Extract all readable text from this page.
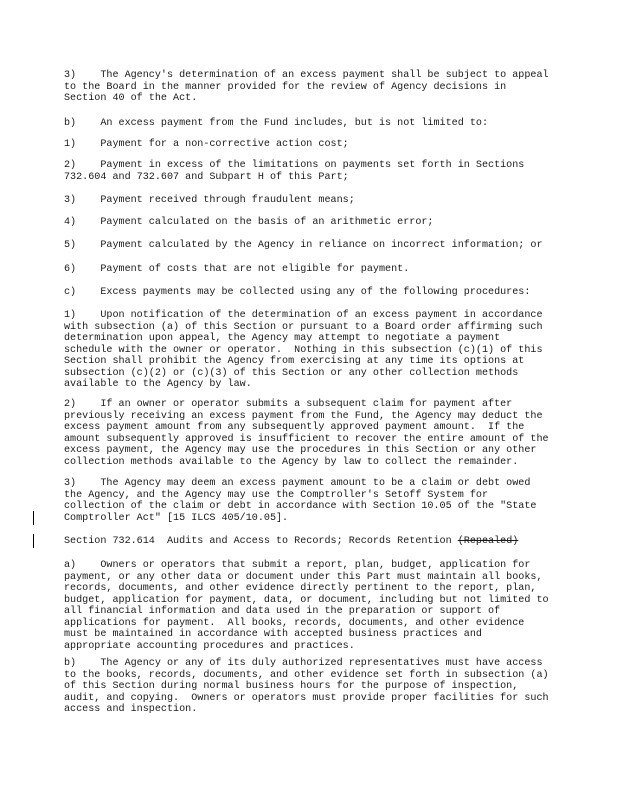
3)    The Agency's determination of an excess payment shall be subject to appeal
to the Board in the manner provided for the review of Agency decisions in
Section 40 of the Act.

b)    An excess payment from the Fund includes, but is not limited to:

1)    Payment for a non-corrective action cost;

2)    Payment in excess of the limitations on payments set forth in Sections
732.604 and 732.607 and Subpart H of this Part;

3)    Payment received through fraudulent means;

4)    Payment calculated on the basis of an arithmetic error;

5)    Payment calculated by the Agency in reliance on incorrect information; or

6)    Payment of costs that are not eligible for payment.

c)    Excess payments may be collected using any of the following procedures:

1)    Upon notification of the determination of an excess payment in accordance
with subsection (a) of this Section or pursuant to a Board order affirming such
determination upon appeal, the Agency may attempt to negotiate a payment
schedule with the owner or operator.  Nothing in this subsection (c)(1) of this
Section shall prohibit the Agency from exercising at any time its options at
subsection (c)(2) or (c)(3) of this Section or any other collection methods
available to the Agency by law.

2)    If an owner or operator submits a subsequent claim for payment after
previously receiving an excess payment from the Fund, the Agency may deduct the
excess payment amount from any subsequently approved payment amount.  If the
amount subsequently approved is insufficient to recover the entire amount of the
excess payment, the Agency may use the procedures in this Section or any other
collection methods available to the Agency by law to collect the remainder.

3)    The Agency may deem an excess payment amount to be a claim or debt owed
the Agency, and the Agency may use the Comptroller's Setoff System for
collection of the claim or debt in accordance with Section 10.05 of the "State
Comptroller Act" [15 ILCS 405/10.05].

Section 732.614  Audits and Access to Records; Records Retention (Repealed)

a)    Owners or operators that submit a report, plan, budget, application for
payment, or any other data or document under this Part must maintain all books,
records, documents, and other evidence directly pertinent to the report, plan,
budget, application for payment, data, or document, including but not limited to
all financial information and data used in the preparation or support of
applications for payment.  All books, records, documents, and other evidence
must be maintained in accordance with accepted business practices and
appropriate accounting procedures and practices.

b)    The Agency or any of its duly authorized representatives must have access
to the books, records, documents, and other evidence set forth in subsection (a)
of this Section during normal business hours for the purpose of inspection,
audit, and copying.  Owners or operators must provide proper facilities for such
access and inspection.
